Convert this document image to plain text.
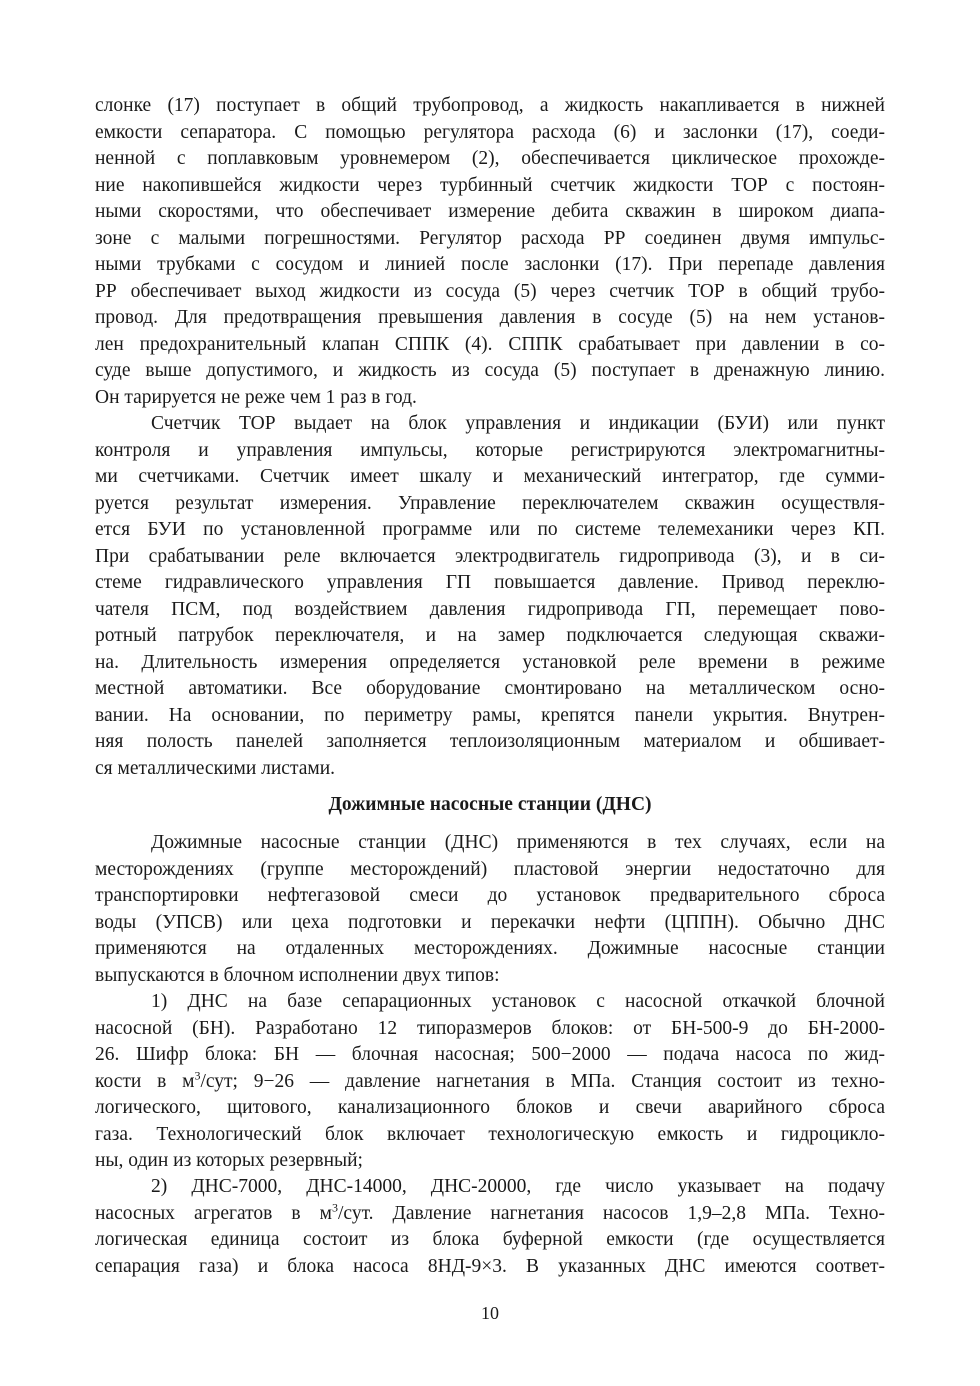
слонке (17) поступает в общий трубопровод, а жидкость накапливается в нижней
емкости сепаратора. С помощью регулятора расхода (6) и заслонки (17), соеди-
ненной с поплавковым уровнемером (2), обеспечивается циклическое прохожде-
ние накопившейся жидкости через турбинный счетчик жидкости ТОР с постоян-
ными скоростями, что обеспечивает измерение дебита скважин в широком диапа-
зоне с малыми погрешностями. Регулятор расхода РР соединен двумя импульс-
ными трубками с сосудом и линией после заслонки (17). При перепаде давления
РР обеспечивает выход жидкости из сосуда (5) через счетчик ТОР в общий трубо-
провод. Для предотвращения превышения давления в сосуде (5) на нем установ-
лен предохранительный клапан СППК (4). СППК срабатывает при давлении в со-
суде выше допустимого, и жидкость из сосуда (5) поступает в дренажную линию.
Он тарируется не реже чем 1 раз в год.
Счетчик ТОР выдает на блок управления и индикации (БУИ) или пункт
контроля и управления импульсы, которые регистрируются электромагнитны-
ми счетчиками. Счетчик имеет шкалу и механический интегратор, где сумми-
руется результат измерения. Управление переключателем скважин осуществля-
ется БУИ по установленной программе или по системе телемеханики через КП.
При срабатывании реле включается электродвигатель гидропривода (3), и в си-
стеме гидравлического управления ГП повышается давление. Привод переклю-
чателя ПСМ, под воздействием давления гидропривода ГП, перемещает пово-
ротный патрубок переключателя, и на замер подключается следующая скважи-
на. Длительность измерения определяется установкой реле времени в режиме
местной автоматики. Все оборудование смонтировано на металлическом осно-
вании. На основании, по периметру рамы, крепятся панели укрытия. Внутрен-
няя полость панелей заполняется теплоизоляционным материалом и обшивает-
ся металлическими листами.
Дожимные насосные станции (ДНС)
Дожимные насосные станции (ДНС) применяются в тех случаях, если на
месторождениях (группе месторождений) пластовой энергии недостаточно для
транспортировки нефтегазовой смеси до установок предварительного сброса
воды (УПСВ) или цеха подготовки и перекачки нефти (ЦППН). Обычно ДНС
применяются на отдаленных месторождениях. Дожимные насосные станции
выпускаются в блочном исполнении двух типов:
1) ДНС на базе сепарационных установок с насосной откачкой блочной
насосной (БН). Разработано 12 типоразмеров блоков: от БН-500-9 до БН-2000-
26. Шифр блока: БН — блочная насосная; 500−2000 — подача насоса по жид-
кости в $м^3$/сут; 9−26 — давление нагнетания в МПа. Станция состоит из техно-
логического, щитового, канализационного блоков и свечи аварийного сброса
газа. Технологический блок включает технологическую емкость и гидроцикло-
ны, один из которых резервный;
2) ДНС-7000, ДНС-14000, ДНС-20000, где число указывает на подачу
насосных агрегатов в $м^3$/сут. Давление нагнетания насосов 1,9–2,8 МПа. Техно-
логическая единица состоит из блока буферной емкости (где осуществляется
сепарация газа) и блока насоса 8НД-9×3. В указанных ДНС имеются соответ-
10
